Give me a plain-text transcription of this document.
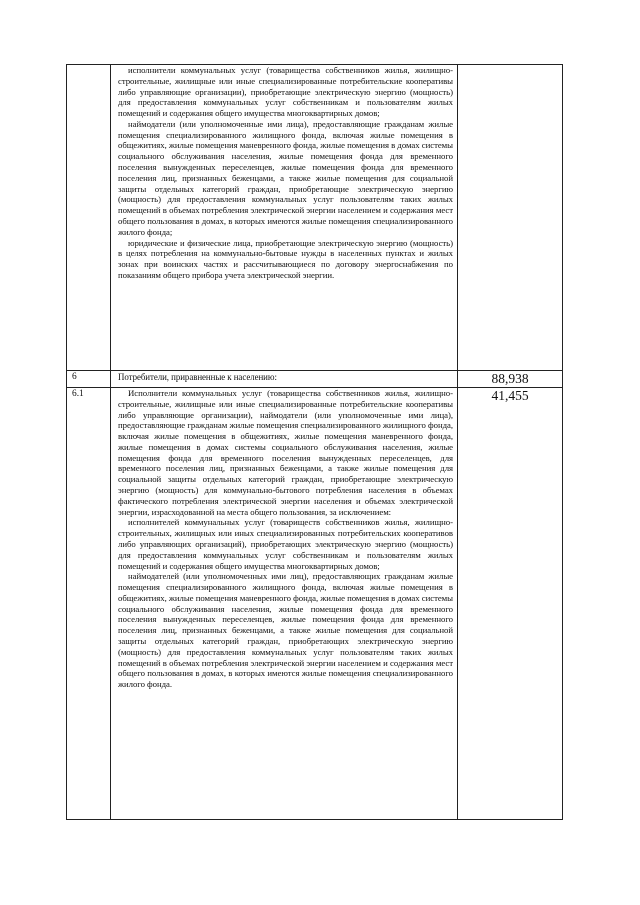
	исполнители коммунальных услуг (товарищества собственников жилья, жилищно-строительные, жилищные или иные специализированные потребительские кооперативы либо управляющие организации), приобретающие электрическую энергию (мощность) для предоставления коммунальных услуг собственникам и пользователям жилых помещений и содержания общего имущества многоквартирных домов;

наймодатели (или уполномоченные ими лица), предоставляющие гражданам жилые помещения специализированного жилищного фонда, включая жилые помещения в общежитиях, жилые помещения маневренного фонда, жилые помещения в домах системы социального обслуживания населения, жилые помещения фонда для временного поселения вынужденных переселенцев, жилые помещения фонда для временного поселения лиц, признанных беженцами, а также жилые помещения для социальной защиты отдельных категорий граждан, приобретающие электрическую энергию (мощность) для предоставления коммунальных услуг пользователям таких жилых помещений в объемах потребления электрической энергии населением и содержания мест общего пользования в домах, в которых имеются жилые помещения специализированного жилого фонда;

юридические и физические лица, приобретающие электрическую энергию (мощность) в целях потребления на коммунально-бытовые нужды в населенных пунктах и жилых зонах при воинских частях и рассчитывающиеся по договору энергоснабжения по показаниям общего прибора учета электрической энергии.	

6	Потребители, приравненные к населению:	88,938
6.1	Исполнители коммунальных услуг (товарищества собственников жилья, жилищно-строительные, жилищные или иные специализированные потребительские кооперативы либо управляющие организации), наймодатели (или уполномоченные ими лица), предоставляющие гражданам жилые помещения специализированного жилищного фонда, включая жилые помещения в общежитиях, жилые помещения маневренного фонда, жилые помещения в домах системы социального обслуживания населения, жилые помещения фонда для временного поселения вынужденных переселенцев, для временного поселения лиц, признанных беженцами, а также жилые помещения для социальной защиты отдельных категорий граждан, приобретающие электрическую энергию (мощность) для коммунально-бытового потребления населения в объемах фактического потребления электрической энергии населения и объемах электрической энергии, израсходованной на места общего пользования, за исключением:

исполнителей коммунальных услуг (товариществ собственников жилья, жилищно-строительных, жилищных или иных специализированных потребительских кооперативов либо управляющих организаций), приобретающих электрическую энергию (мощность) для предоставления коммунальных услуг собственникам и пользователям жилых помещений и содержания общего имущества многоквартирных домов;

наймодателей (или уполномоченных ими лиц), предоставляющих гражданам жилые помещения специализированного жилищного фонда, включая жилые помещения в общежитиях, жилые помещения маневренного фонда, жилые помещения в домах системы социального обслуживания населения, жилые помещения фонда для временного поселения вынужденных переселенцев, жилые помещения фонда для временного поселения лиц, признанных беженцами, а также жилые помещения для социальной защиты отдельных категорий граждан, приобретающих электрическую энергию (мощность) для предоставления коммунальных услуг пользователям таких жилых помещений в объемах потребления электрической энергии населением и содержания мест общего пользования в домах, в которых имеются жилые помещения специализированного жилого фонда.	41,455
